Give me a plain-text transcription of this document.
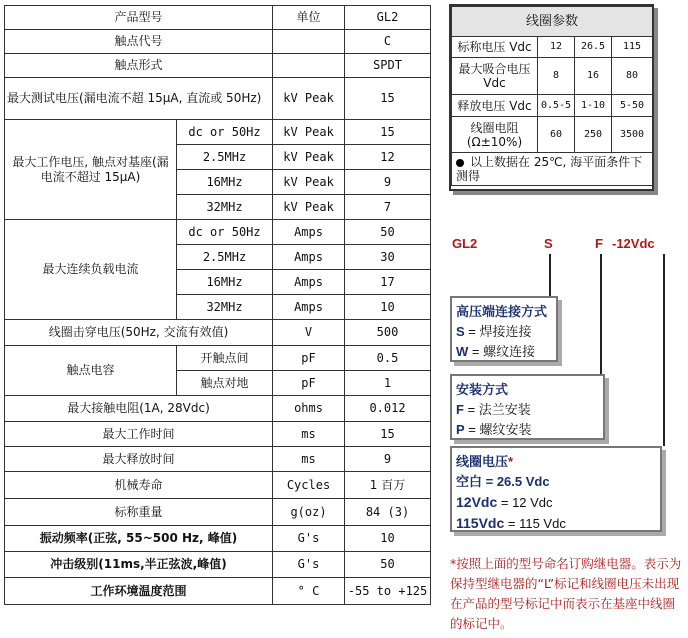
产品型号		单位	GL2
触点代号			C
触点形式			SPDT
最大测试电压(漏电流不超 15μA, 直流或 50Hz)		kV Peak	15
最大工作电压, 触点对基座(漏电流不超过 15μA)	dc or 50Hz	kV Peak	15
	2.5MHz	kV Peak	12
	16MHz	kV Peak	9
	32MHz	kV Peak	7
最大连续负载电流	dc or 50Hz	Amps	50
	2.5MHz	Amps	30
	16MHz	Amps	17
	32MHz	Amps	10
线圈击穿电压(50Hz, 交流有效值)		V	500
触点电容	开触点间	pF	0.5
	触点对地	pF	1
最大接触电阻(1A, 28Vdc)		ohms	0.012
最大工作时间		ms	15
最大释放时间		ms	9
机械寿命		Cycles	1 百万
标称重量		g(oz)	84 (3)
振动频率(正弦, 55~500 Hz, 峰值)		G's	10
冲击级别(11ms,半正弦波,峰值)		G's	50
工作环境温度范围		° C	-55 to +125
线圈参数			
标称电压 Vdc	12	26.5	115
最大吸合电压 Vdc	8	16	80
释放电压 Vdc	0.5-5	1-10	5-50
线圈电阻 (Ω±10%)	60	250	3500
以上数据在 25℃, 海平面条件下测得			
GL2	S	F -12Vdc
高压端连接方式
S = 焊接连接
W = 螺纹连接
安装方式
F = 法兰安装
P = 螺纹安装
线圈电压*
空白 = 26.5 Vdc
12Vdc = 12 Vdc
115Vdc = 115 Vdc
*按照上面的型号命名订购继电器。表示为保持型继电器的“L”标记和线圈电压未出现在产品的型号标记中而表示在基座中线圈的标记中。
